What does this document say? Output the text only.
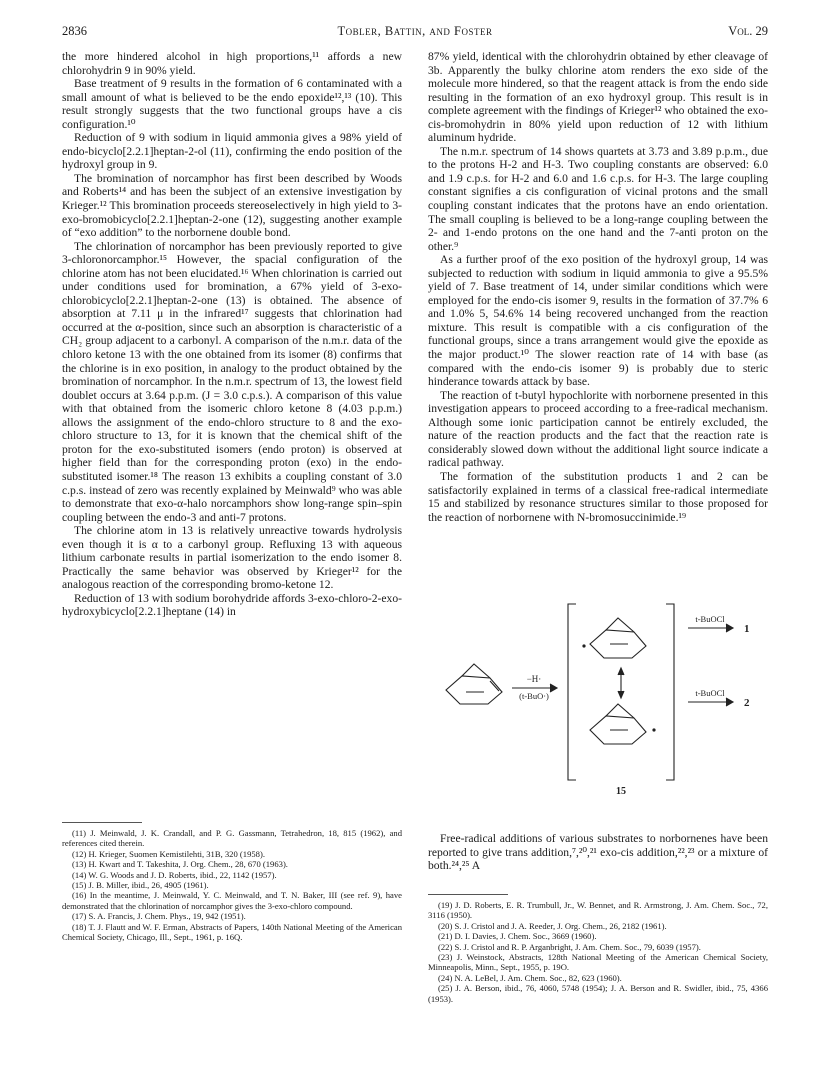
2836	Tobler, Battin, and Foster	Vol. 29

the more hindered alcohol in high proportions,¹¹ affords a new chlorohydrin 9 in 90% yield.

Base treatment of 9 results in the formation of 6 contaminated with a small amount of what is believed to be the endo epoxide¹²,¹³ (10). This result strongly suggests that the two functional groups have a cis configuration.¹⁰

Reduction of 9 with sodium in liquid ammonia gives a 98% yield of endo-bicyclo[2.2.1]heptan-2-ol (11), confirming the endo position of the hydroxyl group in 9.

The bromination of norcamphor has first been described by Woods and Roberts¹⁴ and has been the subject of an extensive investigation by Krieger.¹² This bromination proceeds stereoselectively in high yield to 3-exo-bromobicyclo[2.2.1]heptan-2-one (12), suggesting another example of “exo addition” to the norbornene double bond.

The chlorination of norcamphor has been previously reported to give 3-chloronorcamphor.¹⁵ However, the spacial configuration of the chlorine atom has not been elucidated.¹⁶ When chlorination is carried out under conditions used for bromination, a 67% yield of 3-exo-chlorobicyclo[2.2.1]heptan-2-one (13) is obtained. The absence of absorption at 7.11 μ in the infrared¹⁷ suggests that chlorination had occurred at the α-position, since such an absorption is characteristic of a CH₂ group adjacent to a carbonyl. A comparison of the n.m.r. data of the chloro ketone 13 with the one obtained from its isomer (8) confirms that the chlorine is in exo position, in analogy to the product obtained by the bromination of norcamphor. In the n.m.r. spectrum of 13, the lowest field doublet occurs at 3.64 p.p.m. (J = 3.0 c.p.s.). A comparison of this value with that obtained from the isomeric chloro ketone 8 (4.03 p.p.m.) allows the assignment of the endo-chloro structure to 8 and the exo-chloro structure to 13, for it is known that the chemical shift of the proton for the exo-substituted isomers (endo proton) is observed at higher field than for the corresponding proton (exo) in the endo-substituted isomer.¹⁸ The reason 13 exhibits a coupling constant of 3.0 c.p.s. instead of zero was recently explained by Meinwald⁹ who was able to demonstrate that exo-α-halo norcamphors show long-range spin–spin coupling between the endo-3 and anti-7 protons.

The chlorine atom in 13 is relatively unreactive towards hydrolysis even though it is α to a carbonyl group. Refluxing 13 with aqueous lithium carbonate results in partial isomerization to the endo isomer 8. Practically the same behavior was observed by Krieger¹² for the analogous reaction of the corresponding bromo-ketone 12.

Reduction of 13 with sodium borohydride affords 3-exo-chloro-2-exo-hydroxybicyclo[2.2.1]heptane (14) in

(11) J. Meinwald, J. K. Crandall, and P. G. Gassmann, Tetrahedron, 18, 815 (1962), and references cited therein.

(12) H. Krieger, Suomen Kemistilehti, 31B, 320 (1958).

(13) H. Kwart and T. Takeshita, J. Org. Chem., 28, 670 (1963).

(14) W. G. Woods and J. D. Roberts, ibid., 22, 1142 (1957).

(15) J. B. Miller, ibid., 26, 4905 (1961).

(16) In the meantime, J. Meinwald, Y. C. Meinwald, and T. N. Baker, III (see ref. 9), have demonstrated that the chlorination of norcamphor gives the 3-exo-chloro compound.

(17) S. A. Francis, J. Chem. Phys., 19, 942 (1951).

(18) T. J. Flautt and W. F. Erman, Abstracts of Papers, 140th National Meeting of the American Chemical Society, Chicago, Ill., Sept., 1961, p. 16Q.

87% yield, identical with the chlorohydrin obtained by ether cleavage of 3b. Apparently the bulky chlorine atom renders the exo side of the molecule more hindered, so that the reagent attack is from the endo side resulting in the formation of an exo hydroxyl group. This result is in complete agreement with the findings of Krieger¹² who obtained the exo-cis-bromohydrin in 80% yield upon reduction of 12 with lithium aluminum hydride.

The n.m.r. spectrum of 14 shows quartets at 3.73 and 3.89 p.p.m., due to the protons H-2 and H-3. Two coupling constants are observed: 6.0 and 1.9 c.p.s. for H-2 and 6.0 and 1.6 c.p.s. for H-3. The large coupling constant signifies a cis configuration of vicinal protons and the small coupling constant indicates that the protons have an endo orientation. The small coupling is believed to be a long-range coupling between the 2- and 1-endo protons on the one hand and the 7-anti proton on the other.⁹

As a further proof of the exo position of the hydroxyl group, 14 was subjected to reduction with sodium in liquid ammonia to give a 95.5% yield of 7. Base treatment of 14, under similar conditions which were employed for the endo-cis isomer 9, results in the formation of 37.7% 6 and 1.0% 5, 54.6% 14 being recovered unchanged from the reaction mixture. This result is compatible with a cis configuration of the functional groups, since a trans arrangement would give the epoxide as the major product.¹⁰ The slower reaction rate of 14 with base (as compared with the endo-cis isomer 9) is probably due to steric hinderance towards attack by base.

The reaction of t-butyl hypochlorite with norbornene presented in this investigation appears to proceed according to a free-radical mechanism. Although some ionic participation cannot be entirely excluded, the nature of the reaction products and the fact that the reaction rate is considerably slowed down without the additional light source indicate a radical pathway.

The formation of the substitution products 1 and 2 can be satisfactorily explained in terms of a classical free-radical intermediate 15 and stabilized by resonance structures similar to those proposed for the reaction of norbornene with N-bromosuccinimide.¹⁹

−H·
(t-BuO·)
t-BuOCl
t-BuOCl
1
2
15

Free-radical additions of various substrates to norbornenes have been reported to give trans addition,⁷,²⁰,²¹ exo-cis addition,²²,²³ or a mixture of both.²⁴,²⁵ A

(19) J. D. Roberts, E. R. Trumbull, Jr., W. Bennet, and R. Armstrong, J. Am. Chem. Soc., 72, 3116 (1950).

(20) S. J. Cristol and J. A. Reeder, J. Org. Chem., 26, 2182 (1961).

(21) D. I. Davies, J. Chem. Soc., 3669 (1960).

(22) S. J. Cristol and R. P. Arganbright, J. Am. Chem. Soc., 79, 6039 (1957).

(23) J. Weinstock, Abstracts, 128th National Meeting of the American Chemical Society, Minneapolis, Minn., Sept., 1955, p. 19O.

(24) N. A. LeBel, J. Am. Chem. Soc., 82, 623 (1960).

(25) J. A. Berson, ibid., 76, 4060, 5748 (1954); J. A. Berson and R. Swidler, ibid., 75, 4366 (1953).
